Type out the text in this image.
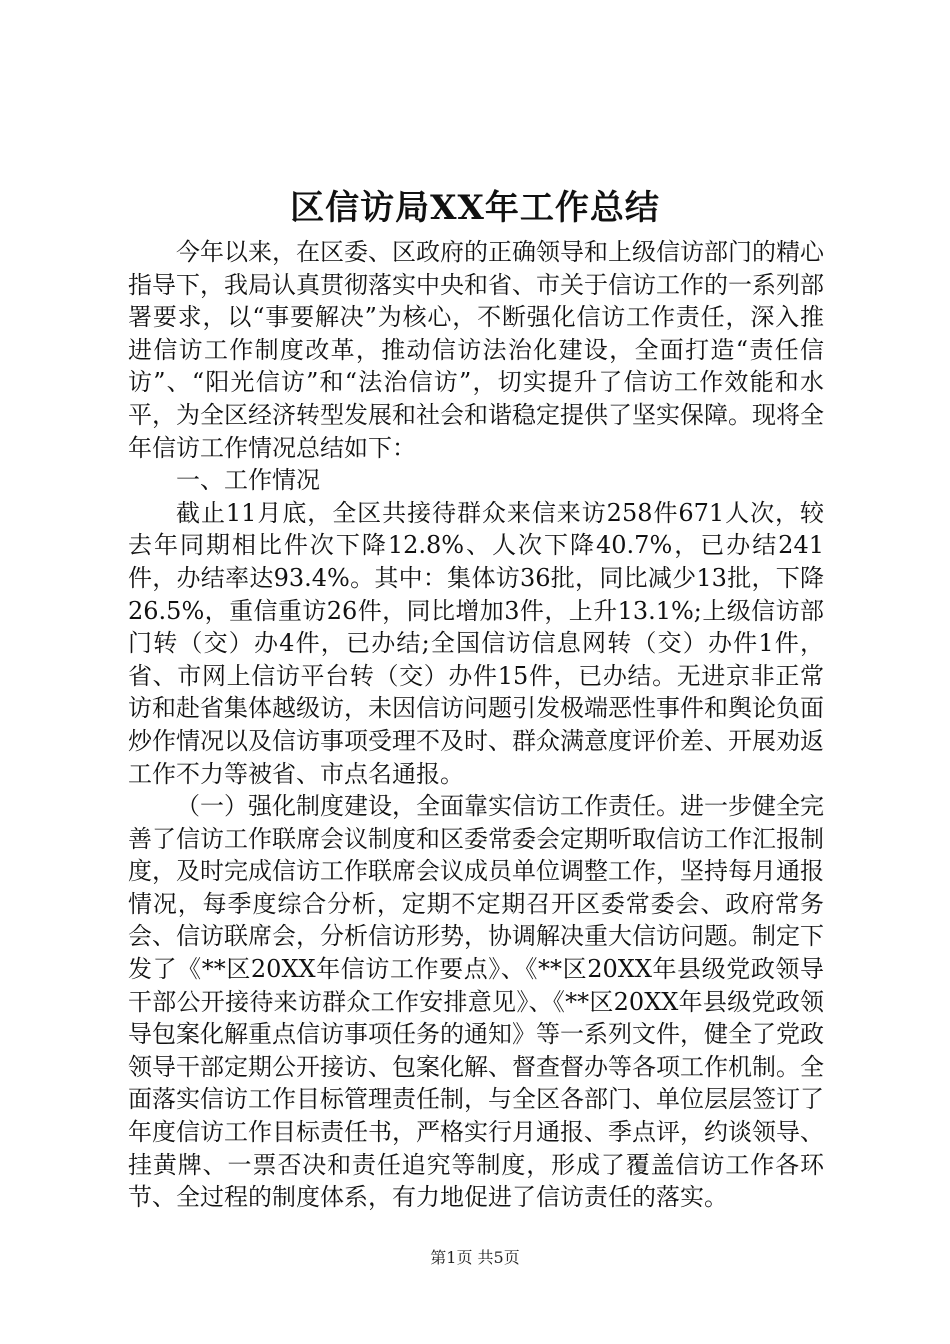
区信访局XX年工作总结

今年以来，在区委、区政府的正确领导和上级信访部门的精心指导下，我局认真贯彻落实中央和省、市关于信访工作的一系列部署要求，以“事要解决”为核心，不断强化信访工作责任，深入推进信访工作制度改革，推动信访法治化建设，全面打造“责任信访”、“阳光信访”和“法治信访”，切实提升了信访工作效能和水平，为全区经济转型发展和社会和谐稳定提供了坚实保障。现将全年信访工作情况总结如下：

一、工作情况

截止11月底，全区共接待群众来信来访258件671人次，较去年同期相比件次下降12.8%、人次下降40.7%，已办结241件，办结率达93.4%。其中：集体访36批，同比减少13批，下降26.5%，重信重访26件，同比增加3件，上升13.1%;上级信访部门转（交）办4件，已办结;全国信访信息网转（交）办件1件，省、市网上信访平台转（交）办件15件，已办结。无进京非正常访和赴省集体越级访，未因信访问题引发极端恶性事件和舆论负面炒作情况以及信访事项受理不及时、群众满意度评价差、开展劝返工作不力等被省、市点名通报。

（一）强化制度建设，全面靠实信访工作责任。进一步健全完善了信访工作联席会议制度和区委常委会定期听取信访工作汇报制度，及时完成信访工作联席会议成员单位调整工作，坚持每月通报情况，每季度综合分析，定期不定期召开区委常委会、政府常务会、信访联席会，分析信访形势，协调解决重大信访问题。制定下发了《**区20XX年信访工作要点》、《**区20XX年县级党政领导干部公开接待来访群众工作安排意见》、《**区20XX年县级党政领导包案化解重点信访事项任务的通知》等一系列文件，健全了党政领导干部定期公开接访、包案化解、督查督办等各项工作机制。全面落实信访工作目标管理责任制，与全区各部门、单位层层签订了年度信访工作目标责任书，严格实行月通报、季点评，约谈领导、挂黄牌、一票否决和责任追究等制度，形成了覆盖信访工作各环节、全过程的制度体系，有力地促进了信访责任的落实。

第1页 共5页
